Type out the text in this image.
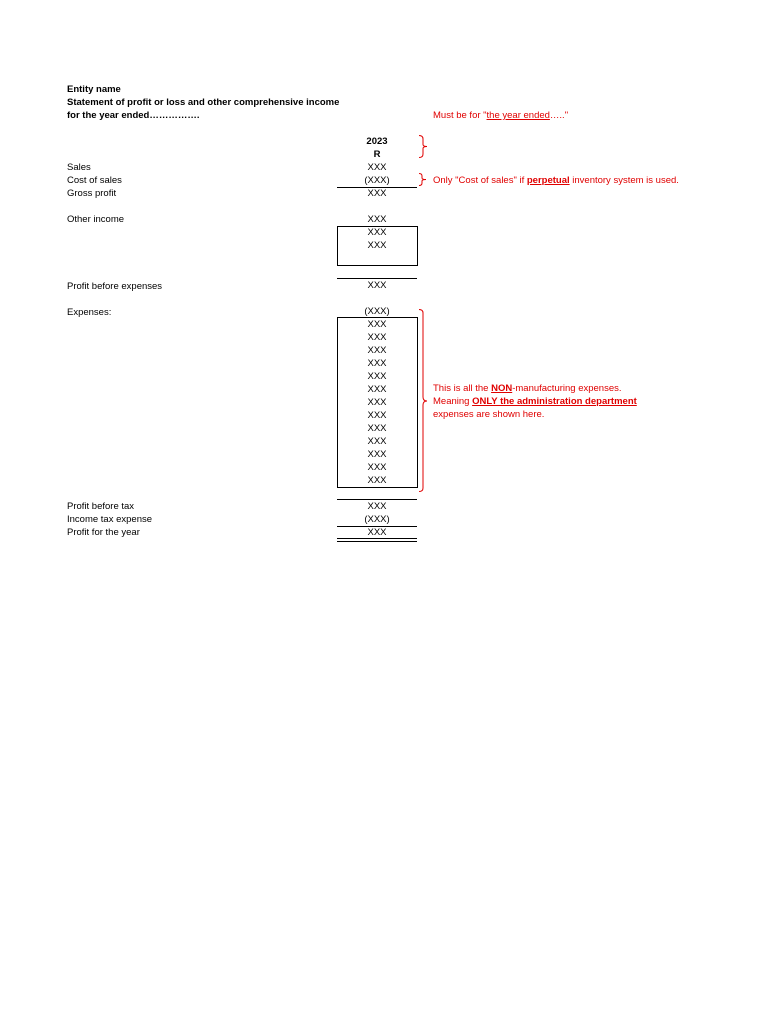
Entity name
Statement of profit or loss and other comprehensive income
for the year ended…………….	Must be for "the year ended….."
2023
R
Sales	XXX
Cost of sales	(XXX)	Only "Cost of sales" if perpetual inventory system is used.
Gross profit	XXX
Other income	XXX
XXX
XXX
Profit before expenses	XXX
Expenses:	(XXX)
XXX
XXX
XXX
XXX
XXX
XXX
XXX
XXX
XXX
XXX
XXX
XXX
XXX
This is all the NON-manufacturing expenses.
Meaning ONLY the administration department
expenses are shown here.
Profit before tax	XXX
Income tax expense	(XXX)
Profit for the year	XXX
